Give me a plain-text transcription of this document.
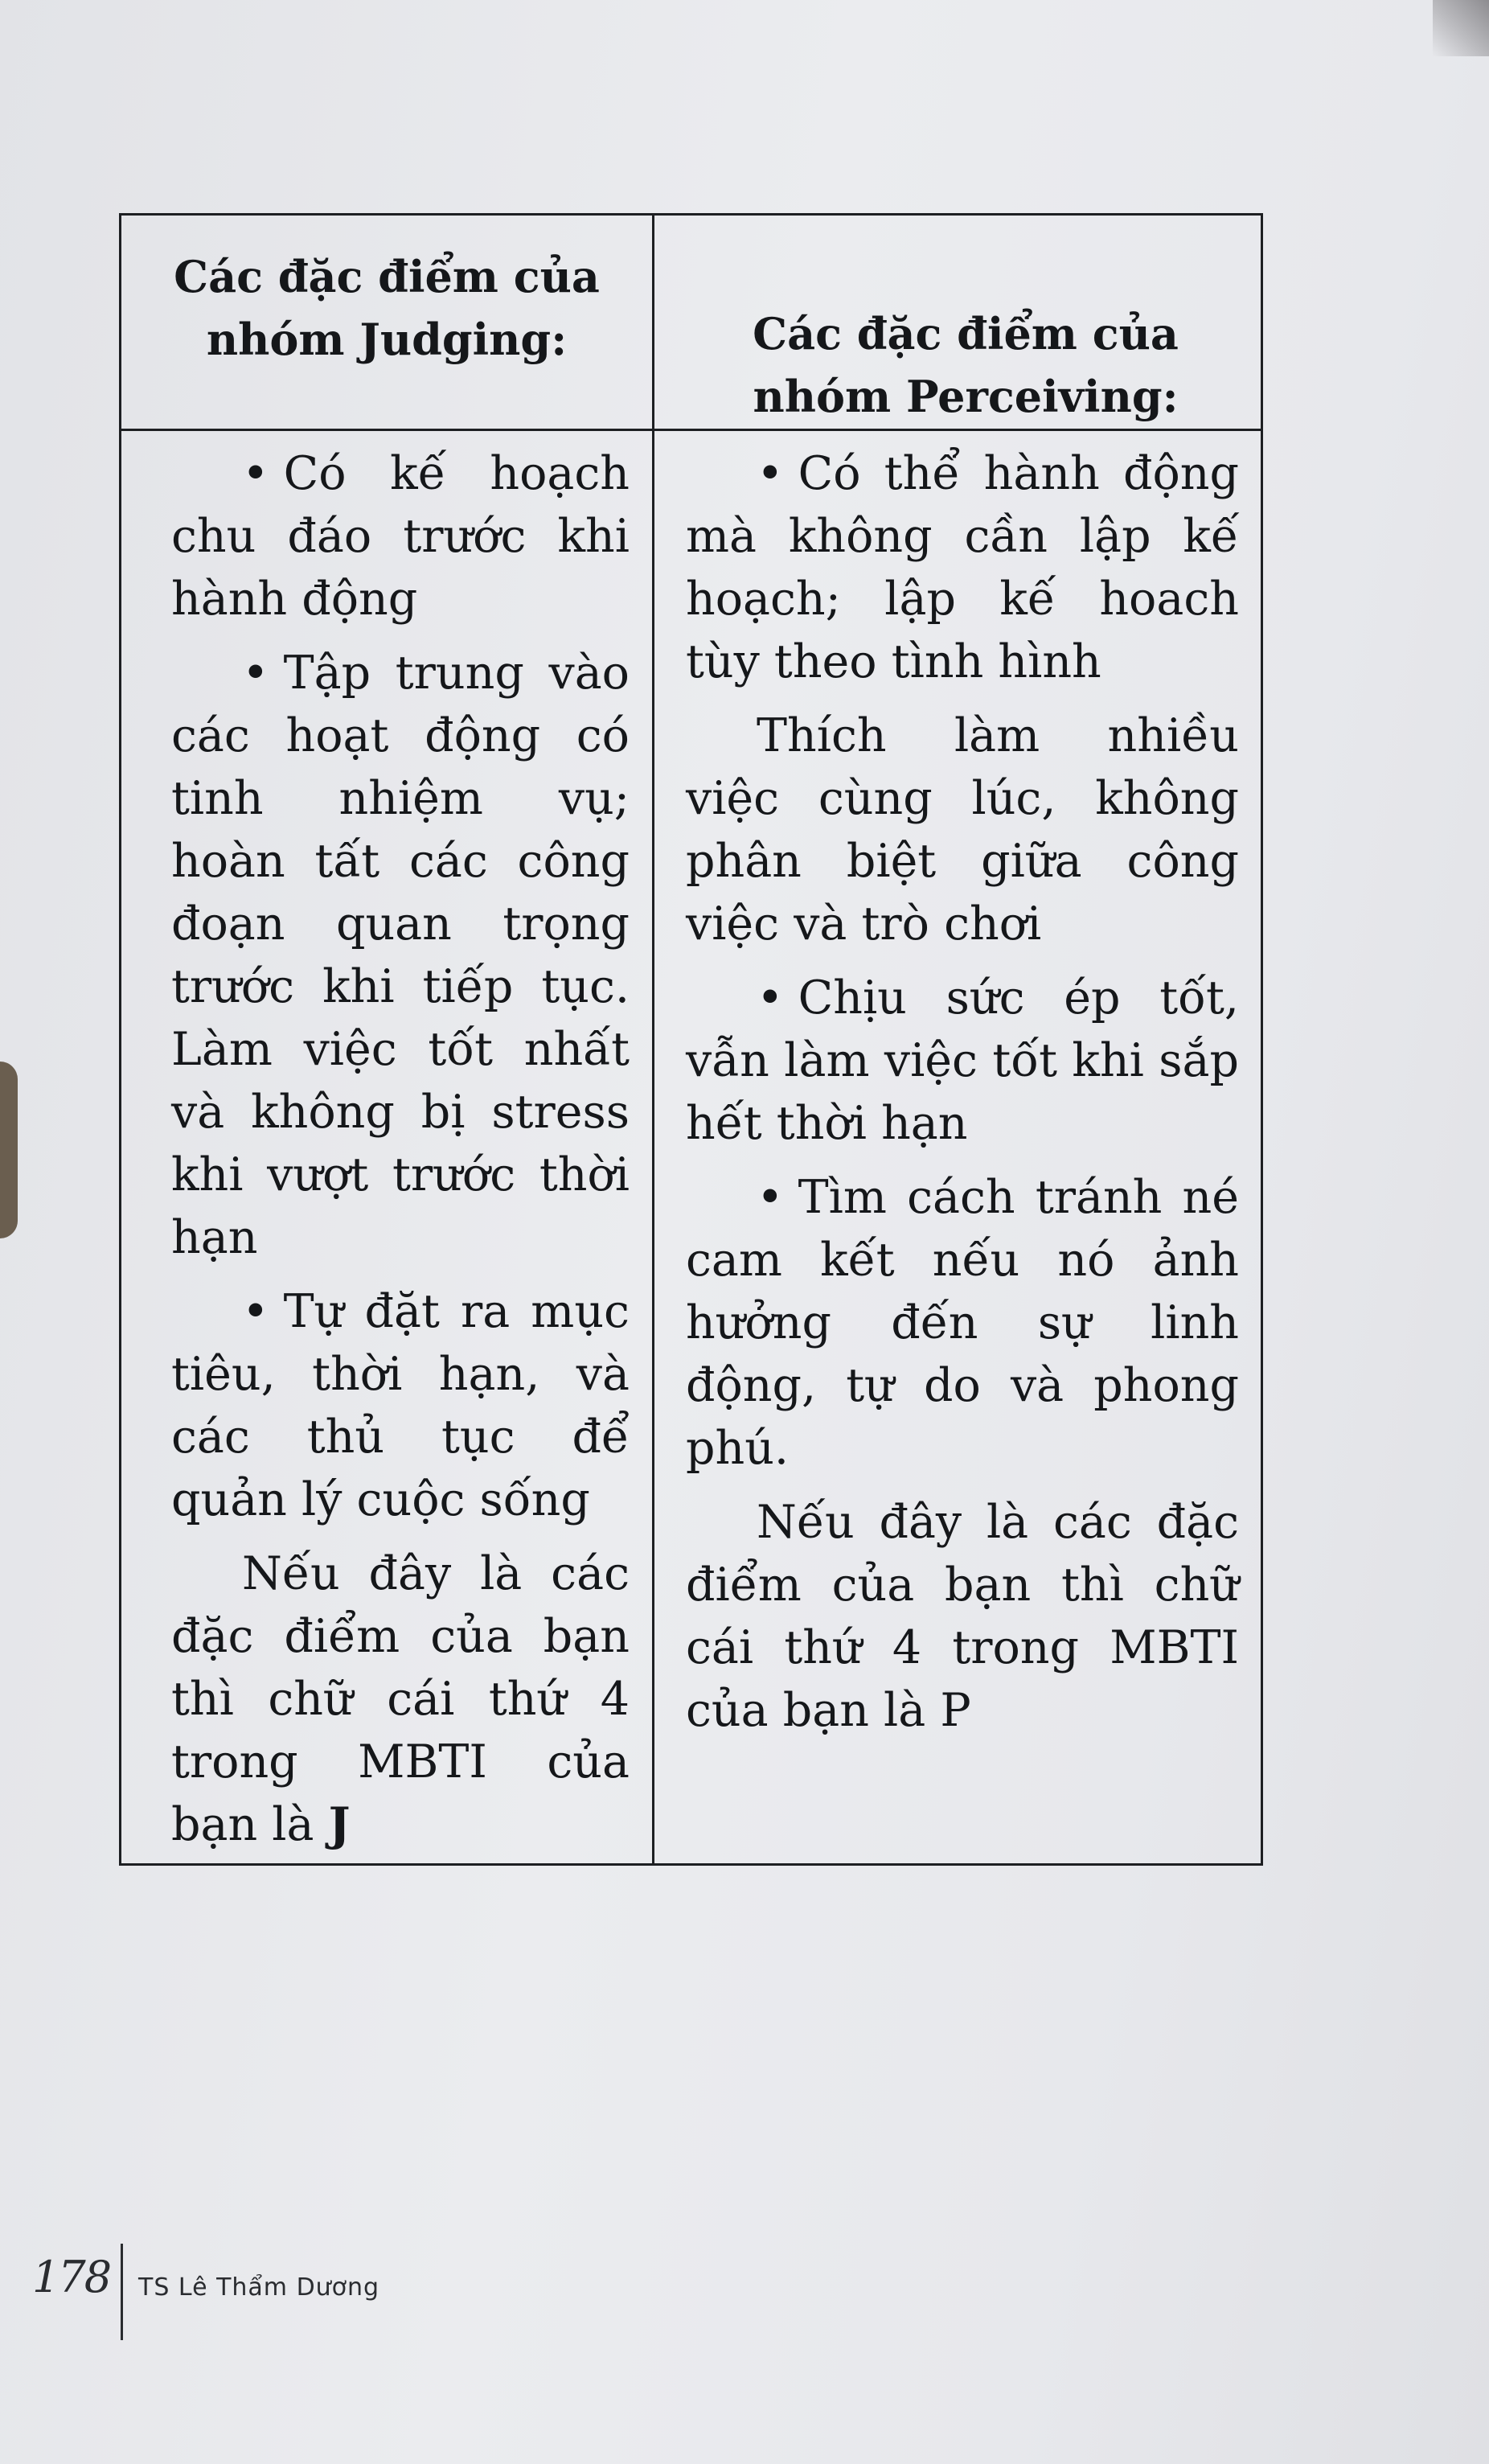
Các đặc điểm của nhóm Judging:	Các đặc điểm của nhóm Perceiving:
• Có kế hoạch chu đáo trước khi hành động
• Tập trung vào các hoạt động có tinh nhiệm vụ; hoàn tất các công đoạn quan trọng trước khi tiếp tục. Làm việc tốt nhất và không bị stress khi vượt trước thời hạn
• Tự đặt ra mục tiêu, thời hạn, và các thủ tục để quản lý cuộc sống
Nếu đây là các đặc điểm của bạn thì chữ cái thứ 4 trong MBTI của bạn là J
• Có thể hành động mà không cần lập kế hoạch; lập kế hoach tùy theo tình hình
Thích làm nhiều việc cùng lúc, không phân biệt giữa công việc và trò chơi
• Chịu sức ép tốt, vẫn làm việc tốt khi sắp hết thời hạn
• Tìm cách tránh né cam kết nếu nó ảnh hưởng đến sự linh động, tự do và phong phú.
Nếu đây là các đặc điểm của bạn thì chữ cái thứ 4 trong MBTI của bạn là P
178 TS Lê Thẩm Dương
